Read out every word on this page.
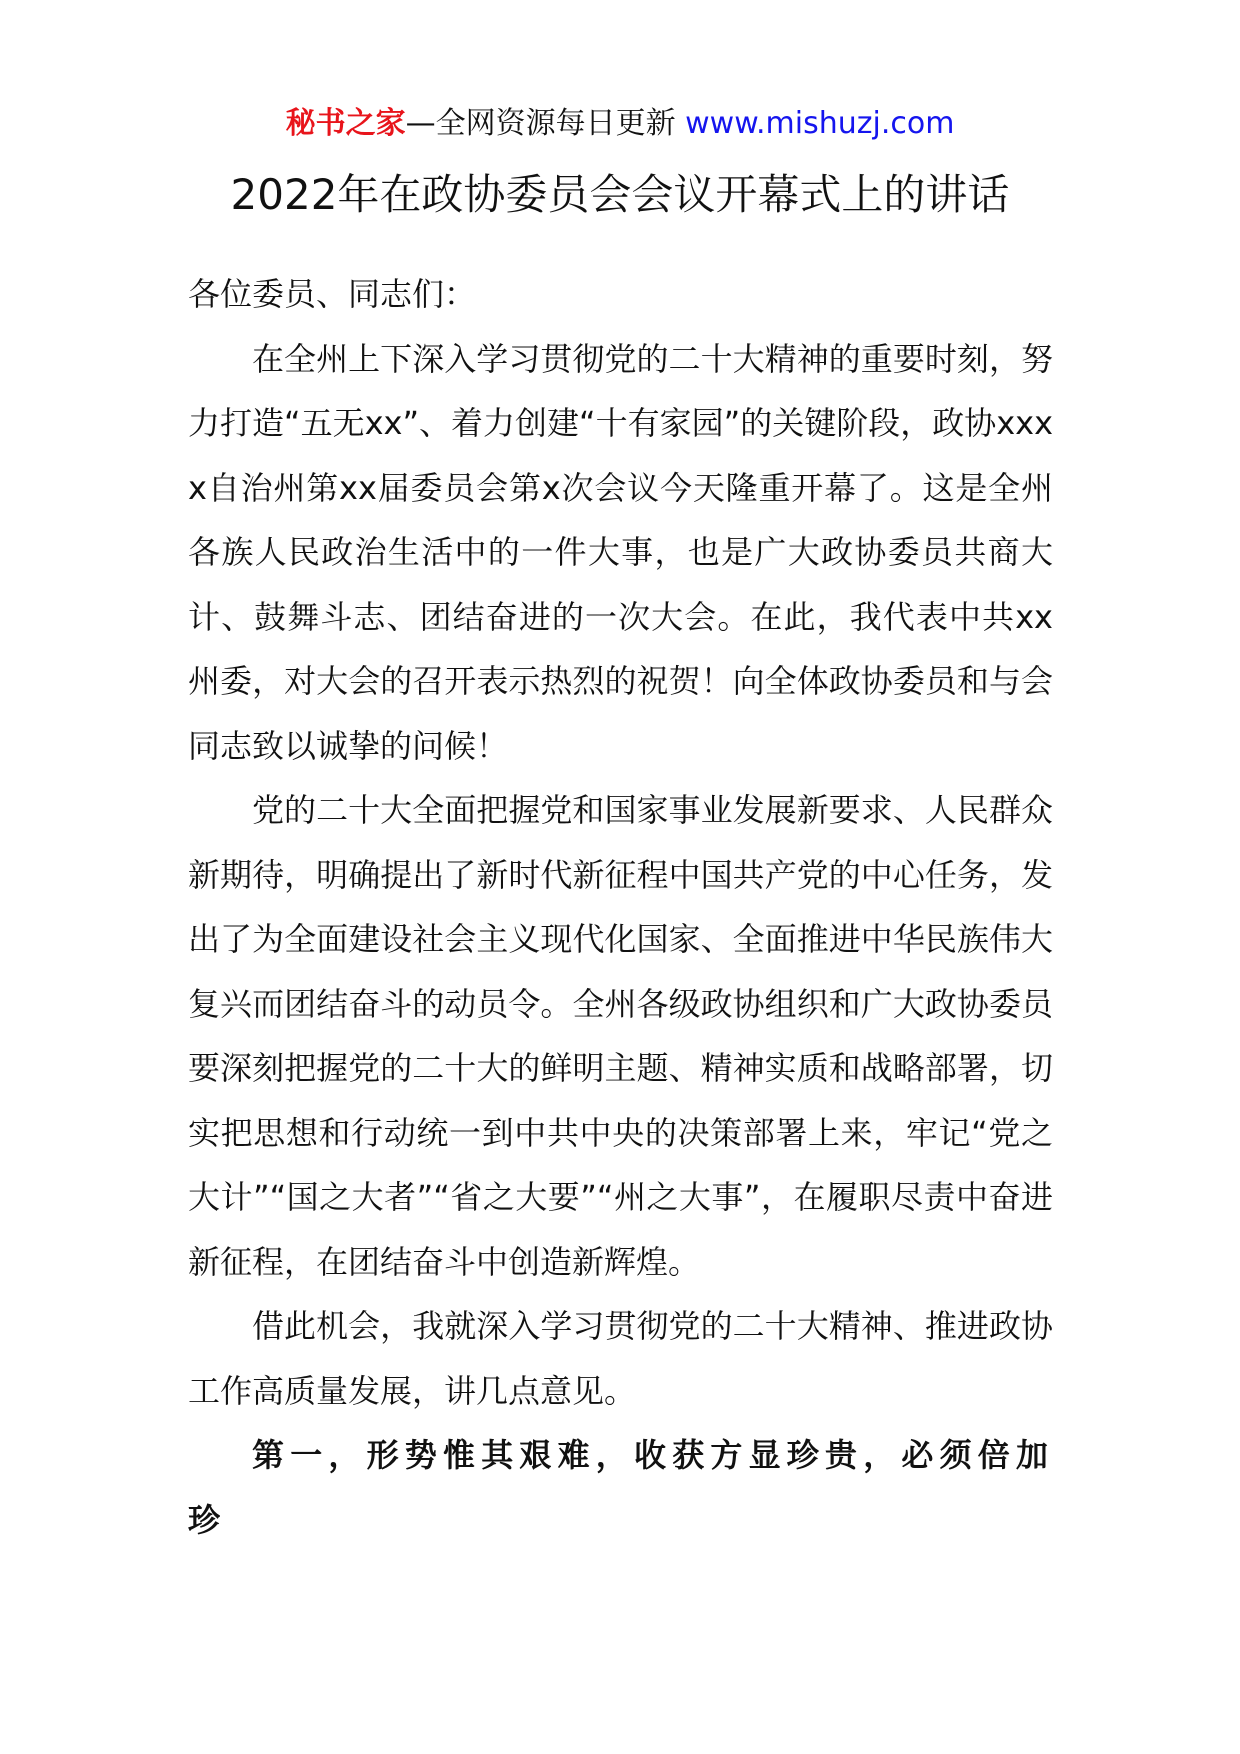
秘书之家—全网资源每日更新 www.mishuzj.com
2022年在政协委员会会议开幕式上的讲话

各位委员、同志们：

在全州上下深入学习贯彻党的二十大精神的重要时刻，努力打造“五无xx”、着力创建“十有家园”的关键阶段，政协xxxx自治州第xx届委员会第x次会议今天隆重开幕了。这是全州各族人民政治生活中的一件大事，也是广大政协委员共商大计、鼓舞斗志、团结奋进的一次大会。在此，我代表中共xx州委，对大会的召开表示热烈的祝贺！向全体政协委员和与会同志致以诚挚的问候！

党的二十大全面把握党和国家事业发展新要求、人民群众新期待，明确提出了新时代新征程中国共产党的中心任务，发出了为全面建设社会主义现代化国家、全面推进中华民族伟大复兴而团结奋斗的动员令。全州各级政协组织和广大政协委员要深刻把握党的二十大的鲜明主题、精神实质和战略部署，切实把思想和行动统一到中共中央的决策部署上来，牢记“党之大计”“国之大者”“省之大要”“州之大事”，在履职尽责中奋进新征程，在团结奋斗中创造新辉煌。

借此机会，我就深入学习贯彻党的二十大精神、推进政协工作高质量发展，讲几点意见。

第一，形势惟其艰难，收获方显珍贵，必须倍加珍
